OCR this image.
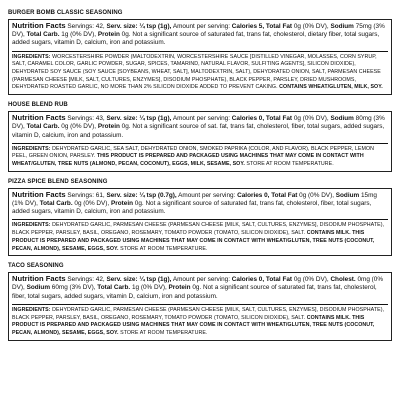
BURGER BOMB CLASSIC SEASONING
Nutrition Facts Servings: 42, Serv. size: ¼ tsp (1g), Amount per serving: Calories 5, Total Fat 0g (0% DV), Sodium 75mg (3% DV), Total Carb. 1g (0% DV), Protein 0g. Not a significant source of saturated fat, trans fat, cholesterol, dietary fiber, total sugars, added sugars, vitamin D, calcium, iron and potassium.
INGREDIENTS: WORCESTERSHIRE POWDER (MALTODEXTRIN, WORCESTERSHIRE SAUCE [DISTILLED VINEGAR, MOLASSES, CORN SYRUP, SALT, CARAMEL COLOR, GARLIC POWDER, SUGAR, SPICES, TAMARIND, NATURAL FLAVOR, SULFITING AGENTS], SILICON DIOXIDE), DEHYDRATED SOY SAUCE (SOY SAUCE [SOYBEANS, WHEAT, SALT], MALTODEXTRIN, SALT), DEHYDRATED ONION, SALT, PARMESAN CHEESE (PARMESAN CHEESE [MILK, SALT, CULTURES, ENZYMES], DISODIUM PHOSPHATE), BLACK PEPPER, PARSLEY, DRIED MUSHROOMS, DEHYDRATED ROASTED GARLIC, NO MORE THAN 2% SILICON DIOXIDE ADDED TO PREVENT CAKING. CONTAINS WHEAT/GLUTEN, MILK, SOY.
HOUSE BLEND RUB
Nutrition Facts Servings: 43, Serv. size: ¼ tsp (1g), Amount per serving: Calories 0, Total Fat 0g (0% DV), Sodium 80mg (3% DV), Total Carb. 0g (0% DV), Protein 0g. Not a significant source of sat. fat, trans fat, cholesterol, fiber, total sugars, added sugars, vitamin D, calcium, iron and potassium.
INGREDIENTS: DEHYDRATED GARLIC, SEA SALT, DEHYDRATED ONION, SMOKED PAPRIKA (COLOR, AND FLAVOR), BLACK PEPPER, LEMON PEEL, GREEN ONION, PARSLEY. THIS PRODUCT IS PREPARED AND PACKAGED USING MACHINES THAT MAY COME IN CONTACT WITH WHEAT/GLUTEN, TREE NUTS (ALMOND, PECAN, COCONUT), EGGS, MILK, SESAME, SOY. STORE AT ROOM TEMPERATURE.
PIZZA SPICE BLEND SEASONING
Nutrition Facts Servings: 61, Serv. size: ¼ tsp (0.7g), Amount per serving: Calories 0, Total Fat 0g (0% DV), Sodium 15mg (1% DV), Total Carb. 0g (0% DV), Protein 0g. Not a significant source of saturated fat, trans fat, cholesterol, fiber, total sugars, added sugars, vitamin D, calcium, iron and potassium.
INGREDIENTS: DEHYDRATED GARLIC, PARMESAN CHEESE (PARMESAN CHEESE [MILK, SALT, CULTURES, ENZYMES], DISODIUM PHOSPHATE), BLACK PEPPER, PARSLEY, BASIL, OREGANO, ROSEMARY, TOMATO POWDER (TOMATO, SILICON DIOXIDE), SALT. CONTAINS MILK. THIS PRODUCT IS PREPARED AND PACKAGED USING MACHINES THAT MAY COME IN CONTACT WITH WHEAT/GLUTEN, TREE NUTS (COCONUT, PECAN, ALMOND), SESAME, EGGS, SOY. STORE AT ROOM TEMPERATURE.
TACO SEASONING
Nutrition Facts Servings: 42, Serv. size: ¼ tsp (1g), Amount per serving: Calories 0, Total Fat 0g (0% DV), Cholest. 0mg (0% DV), Sodium 60mg (3% DV), Total Carb. 1g (0% DV), Protein 0g. Not a significant source of saturated fat, trans fat, cholesterol, fiber, total sugars, added sugars, vitamin D, calcium, iron and potassium.
INGREDIENTS: DEHYDRATED GARLIC, PARMESAN CHEESE (PARMESAN CHEESE [MILK, SALT, CULTURES, ENZYMES], DISODIUM PHOSPHATE), BLACK PEPPER, PARSLEY, BASIL, OREGANO, ROSEMARY, TOMATO POWDER (TOMATO, SILICON DIOXIDE), SALT. CONTAINS MILK. THIS PRODUCT IS PREPARED AND PACKAGED USING MACHINES THAT MAY COME IN CONTACT WITH WHEAT/GLUTEN, TREE NUTS (COCONUT, PECAN, ALMOND), SESAME, EGGS, SOY. STORE AT ROOM TEMPERATURE.
